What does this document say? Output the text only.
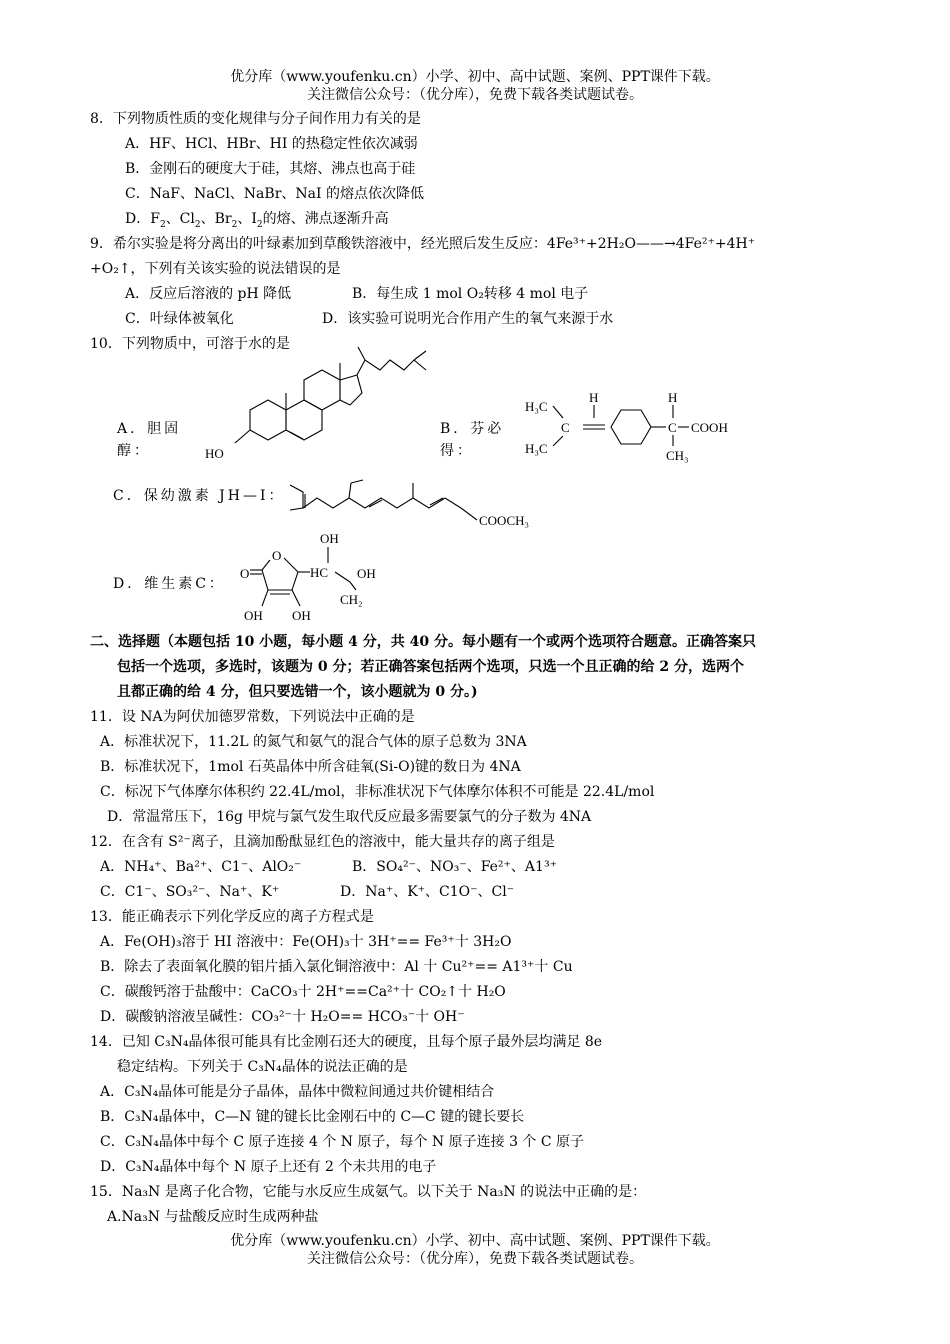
优分库（www.youfenku.cn）小学、初中、高中试题、案例、PPT课件下载。
关注微信公众号：（优分库），免费下载各类试题试卷。
8．下列物质性质的变化规律与分子间作用力有关的是
A．HF、HCl、HBr、HI 的热稳定性依次减弱
B．金刚石的硬度大于硅，其熔、沸点也高于硅
C．NaF、NaCl、NaBr、NaI 的熔点依次降低
D．$F_2$、$Cl_2$、$Br_2$、$I_2$的熔、沸点逐渐升高
9．希尔实验是将分离出的叶绿素加到草酸铁溶液中，经光照后发生反应：4Fe³⁺+2H₂O——→4Fe²⁺+4H⁺
+O₂↑，下列有关该实验的说法错误的是
A．反应后溶液的 pH 降低	B．每生成 1 mol O₂转移 4 mol 电子
C．叶绿体被氧化	D．该实验可说明光合作用产生的氧气来源于水
10．下列物质中，可溶于水的是
A．胆固醇：	HO
B．芬必得：
H₃C
H₃C
C
H	H
C COOH
CH₃
C．保幼激素 JH—I：
COOCH₃
D．维生素C：
OH
HC OH
CH₂
O
O
OH OH
二、选择题（本题包括 10 小题，每小题 4 分，共 40 分。每小题有一个或两个选项符合题意。正确答案只
包括一个选项，多选时，该题为 0 分；若正确答案包括两个选项，只选一个且正确的给 2 分，选两个
且都正确的给 4 分，但只要选错一个，该小题就为 0 分。)
11．设 NA为阿伏加德罗常数，下列说法中正确的是
A．标准状况下，11.2L 的氮气和氨气的混合气体的原子总数为 3NA
B．标准状况下，1mol 石英晶体中所含硅氧(Si-O)键的数日为 4NA
C．标况下气体摩尔体积约 22.4L/mol，非标准状况下气体摩尔体积不可能是 22.4L/mol
D．常温常压下，16g 甲烷与氯气发生取代反应最多需要氯气的分子数为 4NA
12．在含有 S²⁻离子，且滴加酚酞显红色的溶液中，能大量共存的离子组是
A．NH₄⁺、Ba²⁺、C1⁻、AlO₂⁻	B．SO₄²⁻、NO₃⁻、Fe²⁺、A1³⁺
C．C1⁻、SO₃²⁻、Na⁺、K⁺	D．Na⁺、K⁺、C1O⁻、Cl⁻
13．能正确表示下列化学反应的离子方程式是
A．Fe(OH)₃溶于 HI 溶液中：Fe(OH)₃十 3H⁺== Fe³⁺十 3H₂O
B．除去了表面氧化膜的铝片插入氯化铜溶液中：Al 十 Cu²⁺== A1³⁺十 Cu
C．碳酸钙溶于盐酸中：CaCO₃十 2H⁺==Ca²⁺十 CO₂↑十 H₂O
D．碳酸钠溶液呈碱性：CO₃²⁻十 H₂O== HCO₃⁻十 OH⁻
14．已知 C₃N₄晶体很可能具有比金刚石还大的硬度，且每个原子最外层均满足 8e
稳定结构。下列关于 C₃N₄晶体的说法正确的是
A．C₃N₄晶体可能是分子晶体，晶体中微粒间通过共价键相结合
B．C₃N₄晶体中，C—N 键的键长比金刚石中的 C—C 键的键长要长
C．C₃N₄晶体中每个 C 原子连接 4 个 N 原子，每个 N 原子连接 3 个 C 原子
D．C₃N₄晶体中每个 N 原子上还有 2 个未共用的电子
15．Na₃N 是离子化合物，它能与水反应生成氨气。以下关于 Na₃N 的说法中正确的是：
A.Na₃N 与盐酸反应时生成两种盐
优分库（www.youfenku.cn）小学、初中、高中试题、案例、PPT课件下载。
关注微信公众号：（优分库），免费下载各类试题试卷。
